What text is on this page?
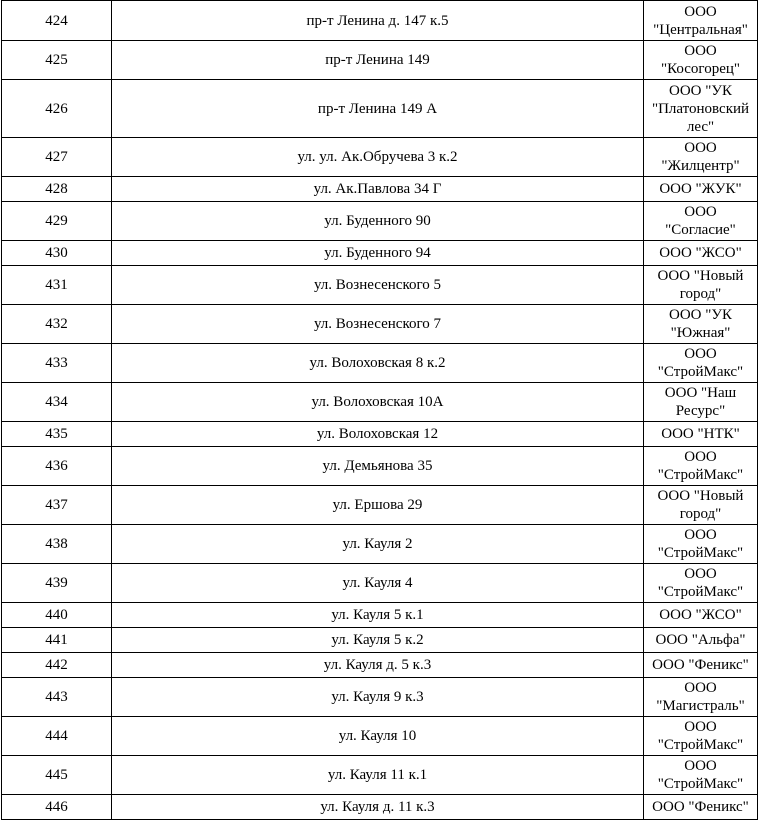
424	пр-т Ленина д. 147 к.5	ООО
"Центральная"
425	пр-т Ленина 149	ООО
"Косогорец"
426	пр-т Ленина 149 А	ООО "УК
"Платоновский
лес"
427	ул. ул. Ак.Обручева 3 к.2	ООО
"Жилцентр"
428	ул. Ак.Павлова 34 Г	ООО "ЖУК"
429	ул. Буденного 90	ООО
"Согласие"
430	ул. Буденного 94	ООО "ЖСО"
431	ул. Вознесенского 5	ООО "Новый
город"
432	ул. Вознесенского 7	ООО "УК
"Южная"
433	ул. Волоховская 8 к.2	ООО
"СтройМакс"
434	ул. Волоховская 10А	ООО "Наш
Ресурс"
435	ул. Волоховская 12	ООО "НТК"
436	ул. Демьянова 35	ООО
"СтройМакс"
437	ул. Ершова 29	ООО "Новый
город"
438	ул. Кауля 2	ООО
"СтройМакс"
439	ул. Кауля 4	ООО
"СтройМакс"
440	ул. Кауля 5 к.1	ООО "ЖСО"
441	ул. Кауля 5 к.2	ООО "Альфа"
442	ул. Кауля д. 5 к.3	ООО "Феникс"
443	ул. Кауля 9 к.3	ООО
"Магистраль"
444	ул. Кауля 10	ООО
"СтройМакс"
445	ул. Кауля 11 к.1	ООО
"СтройМакс"
446	ул. Кауля д. 11 к.3	ООО "Феникс"
